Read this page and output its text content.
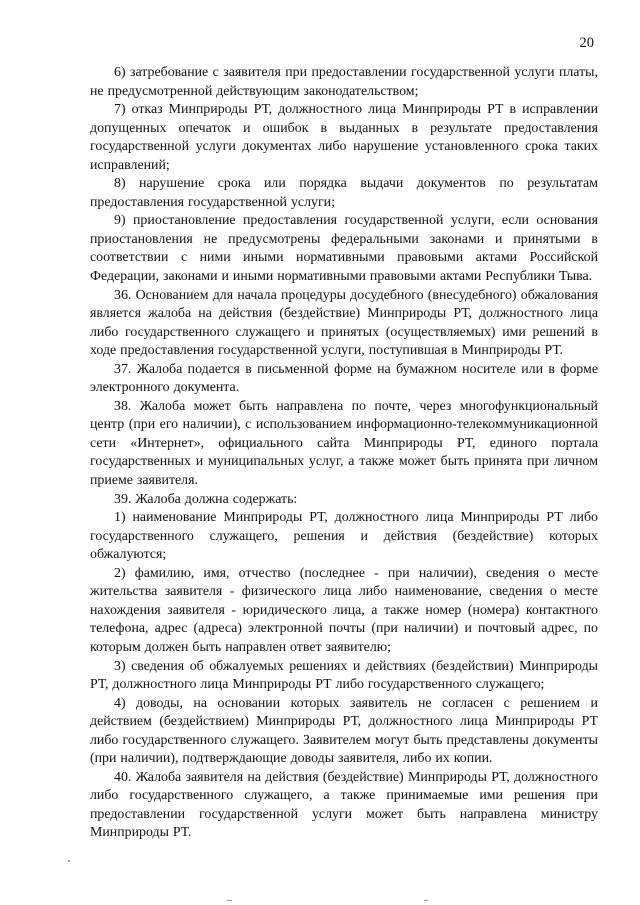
20

6) затребование с заявителя при предоставлении государственной услуги платы, не предусмотренной действующим законодательством;

7) отказ Минприроды РТ, должностного лица Минприроды РТ в исправлении допущенных опечаток и ошибок в выданных в результате предоставления государственной услуги документах либо нарушение установленного срока таких исправлений;

8) нарушение срока или порядка выдачи документов по результатам предоставления государственной услуги;

9) приостановление предоставления государственной услуги, если основания приостановления не предусмотрены федеральными законами и принятыми в соответствии с ними иными нормативными правовыми актами Российской Федерации, законами и иными нормативными правовыми актами Республики Тыва.

36. Основанием для начала процедуры досудебного (внесудебного) обжалования является жалоба на действия (бездействие) Минприроды РТ, должностного лица либо государственного служащего и принятых (осуществляемых) ими решений в ходе предоставления государственной услуги, поступившая в Минприроды РТ.

37. Жалоба подается в письменной форме на бумажном носителе или в форме электронного документа.

38. Жалоба может быть направлена по почте, через многофункциональный центр (при его наличии), с использованием информационно-телекоммуникационной сети «Интернет», официального сайта Минприроды РТ, единого портала государственных и муниципальных услуг, а также может быть принята при личном приеме заявителя.

39. Жалоба должна содержать:

1) наименование Минприроды РТ, должностного лица Минприроды РТ либо государственного служащего, решения и действия (бездействие) которых обжалуются;

2) фамилию, имя, отчество (последнее - при наличии), сведения о месте жительства заявителя - физического лица либо наименование, сведения о месте нахождения заявителя - юридического лица, а также номер (номера) контактного телефона, адрес (адреса) электронной почты (при наличии) и почтовый адрес, по которым должен быть направлен ответ заявителю;

3) сведения об обжалуемых решениях и действиях (бездействии) Минприроды РТ, должностного лица Минприроды РТ либо государственного служащего;

4) доводы, на основании которых заявитель не согласен с решением и действием (бездействием) Минприроды РТ, должностного лица Минприроды РТ либо государственного служащего. Заявителем могут быть представлены документы (при наличии), подтверждающие доводы заявителя, либо их копии.

40. Жалоба заявителя на действия (бездействие) Минприроды РТ, должностного либо государственного служащего, а также принимаемые ими решения при предоставлении государственной услуги может быть направлена министру Минприроды РТ.
